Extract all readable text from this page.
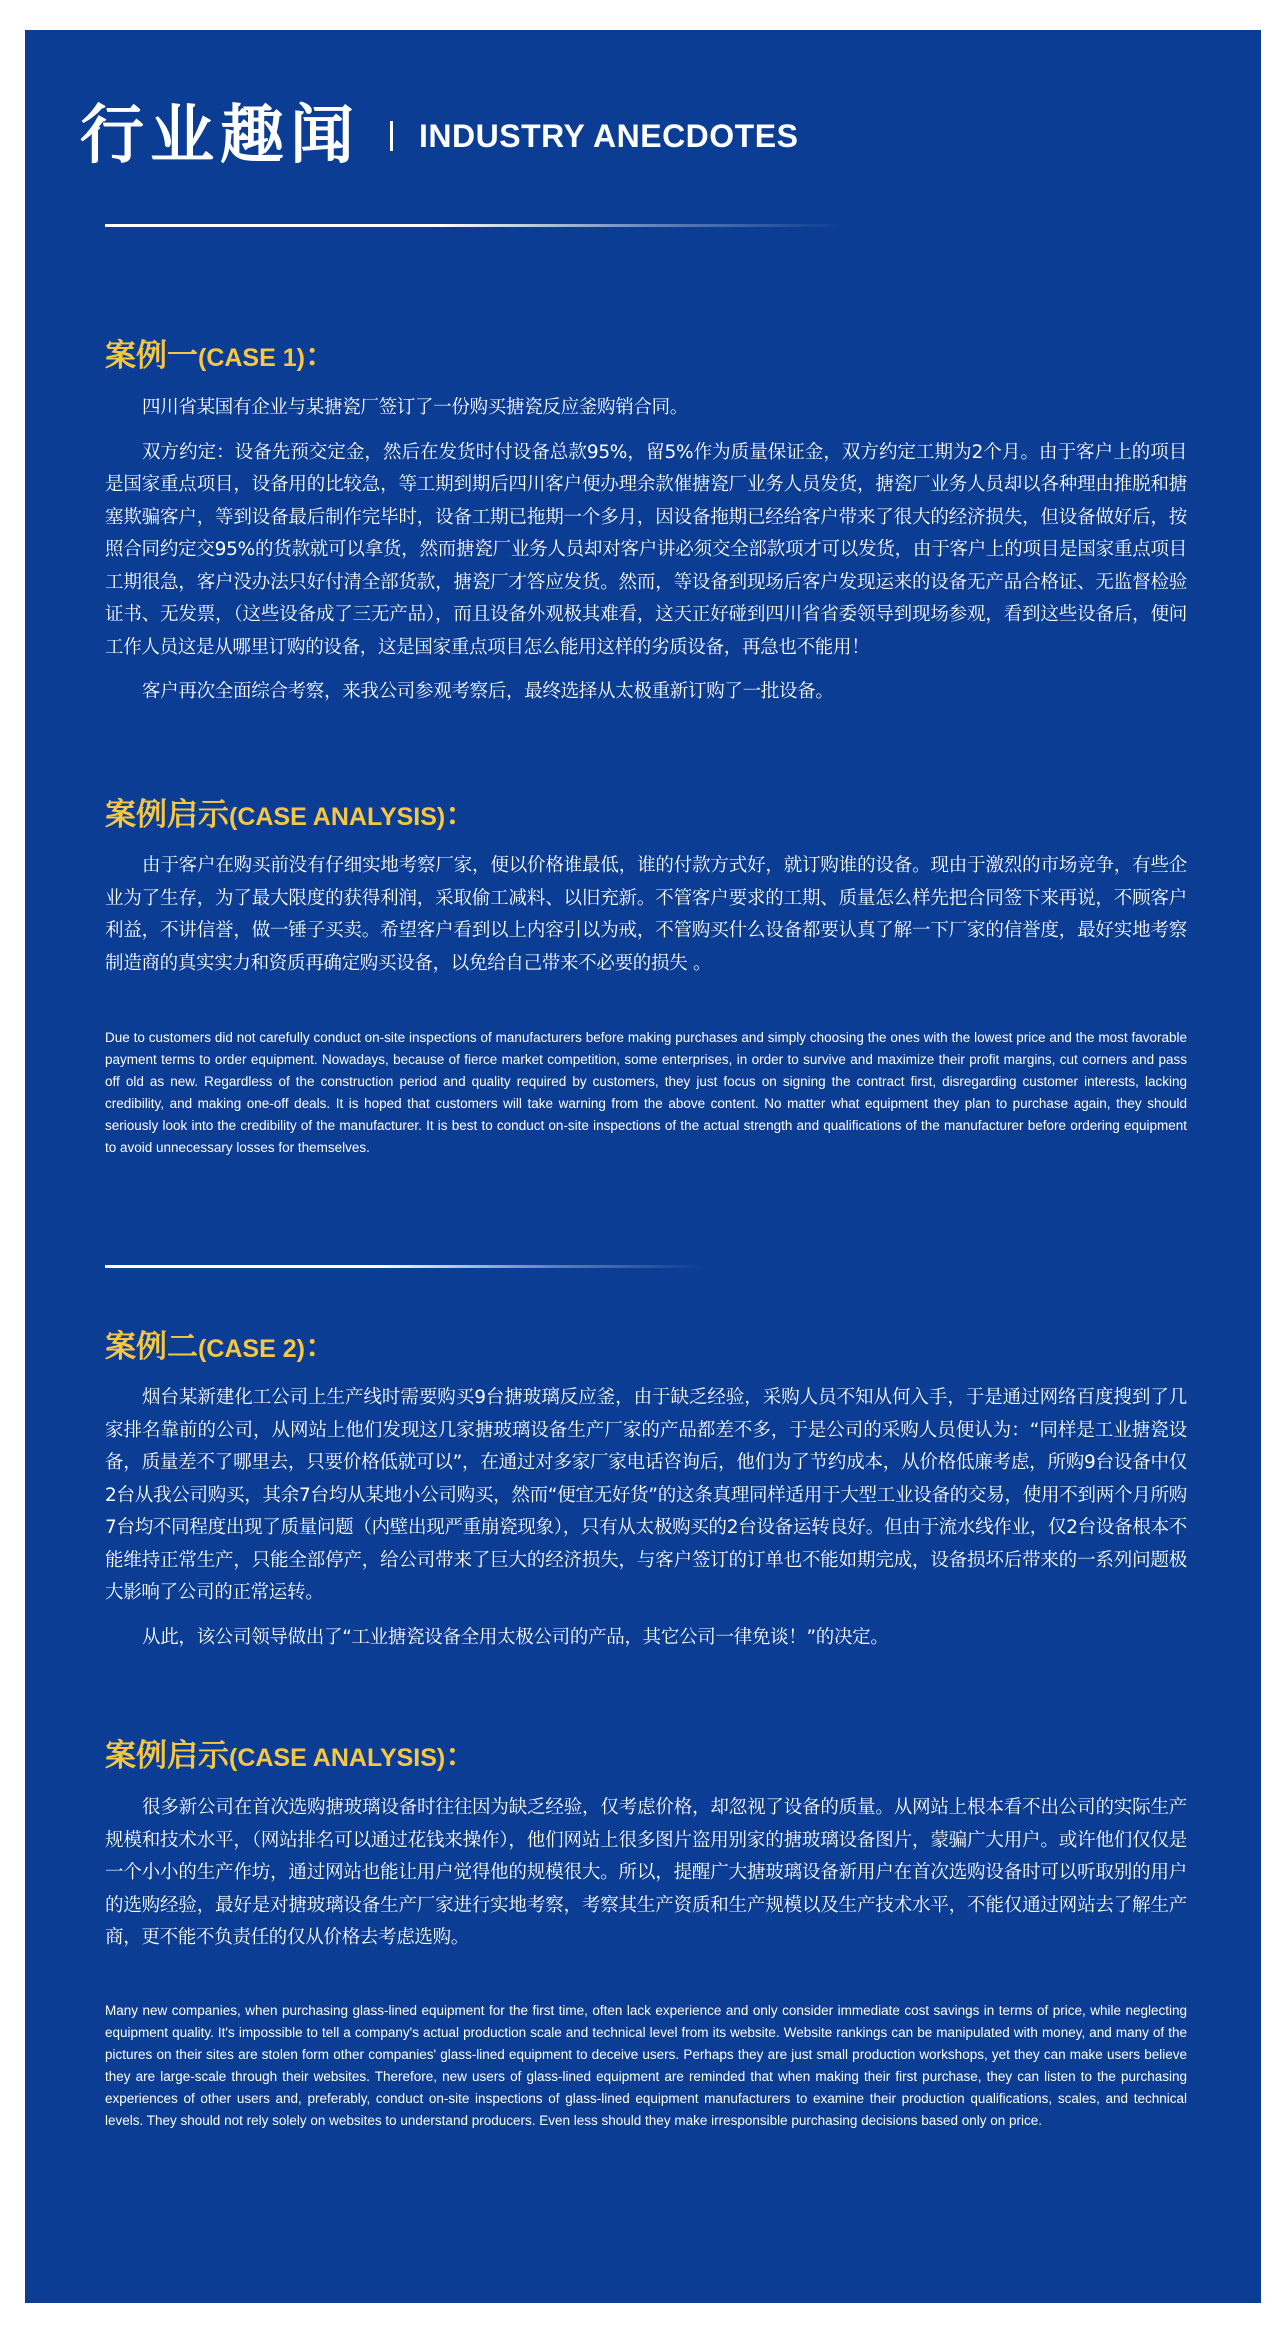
行业趣闻 INDUSTRY ANECDOTES
案例一(CASE 1)：

四川省某国有企业与某搪瓷厂签订了一份购买搪瓷反应釜购销合同。

双方约定：设备先预交定金，然后在发货时付设备总款95%，留5%作为质量保证金，双方约定工期为2个月。由于客户上的项目是国家重点项目，设备用的比较急，等工期到期后四川客户便办理余款催搪瓷厂业务人员发货，搪瓷厂业务人员却以各种理由推脱和搪塞欺骗客户，等到设备最后制作完毕时，设备工期已拖期一个多月，因设备拖期已经给客户带来了很大的经济损失，但设备做好后，按照合同约定交95%的货款就可以拿货，然而搪瓷厂业务人员却对客户讲必须交全部款项才可以发货，由于客户上的项目是国家重点项目工期很急，客户没办法只好付清全部货款，搪瓷厂才答应发货。然而，等设备到现场后客户发现运来的设备无产品合格证、无监督检验证书、无发票，（这些设备成了三无产品），而且设备外观极其难看，这天正好碰到四川省省委领导到现场参观，看到这些设备后，便问工作人员这是从哪里订购的设备，这是国家重点项目怎么能用这样的劣质设备，再急也不能用！

客户再次全面综合考察，来我公司参观考察后，最终选择从太极重新订购了一批设备。

案例启示(CASE ANALYSIS)：

由于客户在购买前没有仔细实地考察厂家，便以价格谁最低，谁的付款方式好，就订购谁的设备。现由于激烈的市场竞争，有些企业为了生存，为了最大限度的获得利润，采取偷工减料、以旧充新。不管客户要求的工期、质量怎么样先把合同签下来再说，不顾客户利益，不讲信誉，做一锤子买卖。希望客户看到以上内容引以为戒，不管购买什么设备都要认真了解一下厂家的信誉度，最好实地考察制造商的真实实力和资质再确定购买设备，以免给自己带来不必要的损失 。

Due to customers did not carefully conduct on-site inspections of manufacturers before making purchases and simply choosing the ones with the lowest price and the most favorable payment terms to order equipment. Nowadays, because of fierce market competition, some enterprises, in order to survive and maximize their profit margins, cut corners and pass off old as new. Regardless of the construction period and quality required by customers, they just focus on signing the contract first, disregarding customer interests, lacking credibility, and making one-off deals. It is hoped that customers will take warning from the above content. No matter what equipment they plan to purchase again, they should seriously look into the credibility of the manufacturer. It is best to conduct on-site inspections of the actual strength and qualifications of the manufacturer before ordering equipment to avoid unnecessary losses for themselves.

案例二(CASE 2)：

烟台某新建化工公司上生产线时需要购买9台搪玻璃反应釜，由于缺乏经验，采购人员不知从何入手，于是通过网络百度搜到了几家排名靠前的公司，从网站上他们发现这几家搪玻璃设备生产厂家的产品都差不多，于是公司的采购人员便认为：“同样是工业搪瓷设备，质量差不了哪里去，只要价格低就可以”，在通过对多家厂家电话咨询后，他们为了节约成本，从价格低廉考虑，所购9台设备中仅2台从我公司购买，其余7台均从某地小公司购买，然而“便宜无好货”的这条真理同样适用于大型工业设备的交易，使用不到两个月所购7台均不同程度出现了质量问题（内壁出现严重崩瓷现象），只有从太极购买的2台设备运转良好。但由于流水线作业，仅2台设备根本不能维持正常生产，只能全部停产，给公司带来了巨大的经济损失，与客户签订的订单也不能如期完成，设备损坏后带来的一系列问题极大影响了公司的正常运转。

从此，该公司领导做出了“工业搪瓷设备全用太极公司的产品，其它公司一律免谈！”的决定。

案例启示(CASE ANALYSIS)：

很多新公司在首次选购搪玻璃设备时往往因为缺乏经验，仅考虑价格，却忽视了设备的质量。从网站上根本看不出公司的实际生产规模和技术水平，（网站排名可以通过花钱来操作），他们网站上很多图片盗用别家的搪玻璃设备图片，蒙骗广大用户。或许他们仅仅是一个小小的生产作坊，通过网站也能让用户觉得他的规模很大。所以，提醒广大搪玻璃设备新用户在首次选购设备时可以听取别的用户的选购经验，最好是对搪玻璃设备生产厂家进行实地考察，考察其生产资质和生产规模以及生产技术水平，不能仅通过网站去了解生产商，更不能不负责任的仅从价格去考虑选购。

Many new companies, when purchasing glass-lined equipment for the first time, often lack experience and only consider immediate cost savings in terms of price, while neglecting equipment quality. It's impossible to tell a company's actual production scale and technical level from its website. Website rankings can be manipulated with money, and many of the pictures on their sites are stolen form other companies' glass-lined equipment to deceive users. Perhaps they are just small production workshops, yet they can make users believe they are large-scale through their websites. Therefore, new users of glass-lined equipment are reminded that when making their first purchase, they can listen to the purchasing experiences of other users and, preferably, conduct on-site inspections of glass-lined equipment manufacturers to examine their production qualifications, scales, and technical levels. They should not rely solely on websites to understand producers. Even less should they make irresponsible purchasing decisions based only on price.
